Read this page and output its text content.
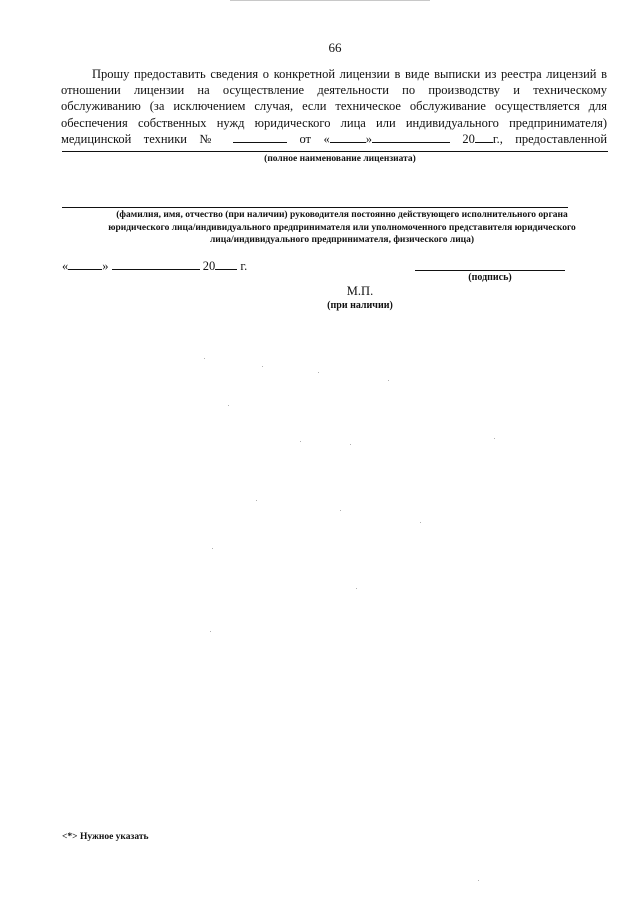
66
Прошу предоставить сведения о конкретной лицензии в виде выписки из реестра лицензий в
отношении лицензии на осуществление деятельности по производству и техническому
обслуживанию (за исключением случая, если техническое обслуживание осуществляется для
обеспечения собственных нужд юридического лица или индивидуального предпринимателя)
медицинской техники №	от «	»	20 г., предоставленной
(полное наименование лицензиата)
(фамилия, имя, отчество (при наличии) руководителя постоянно действующего исполнительного органа
юридического лица/индивидуального предпринимателя или уполномоченного представителя юридического
лица/индивидуального предпринимателя, физического лица)
«	»	20 г.
(подпись)
М.П.
(при наличии)
<*> Нужное указать
